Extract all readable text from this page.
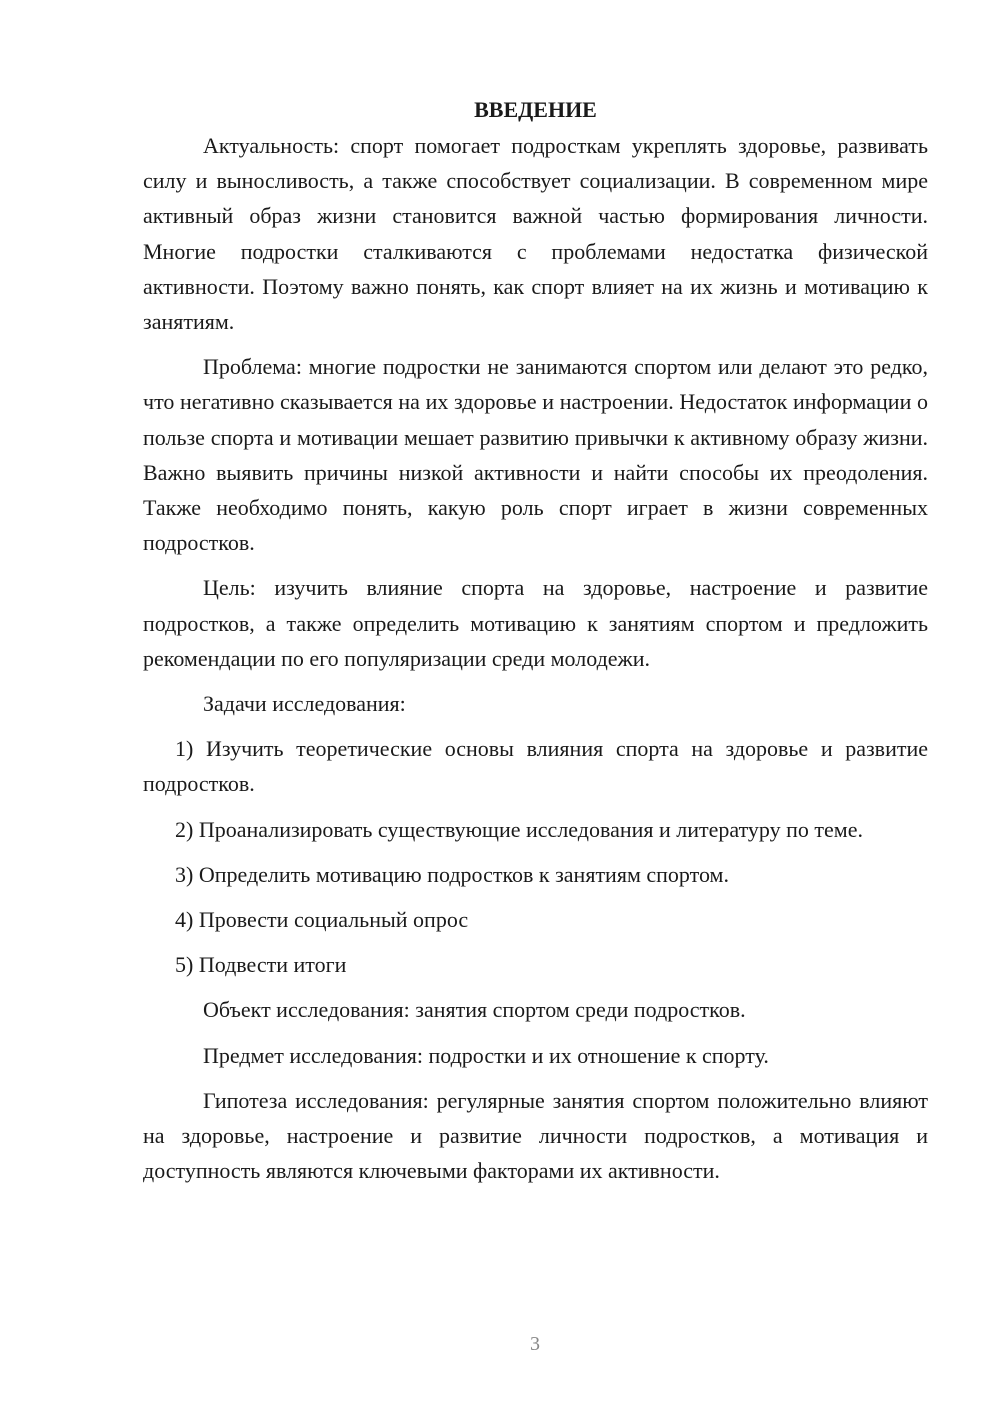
ВВЕДЕНИЕ

Актуальность: спорт помогает подросткам укреплять здоровье, развивать силу и выносливость, а также способствует социализации. В современном мире активный образ жизни становится важной частью формирования личности. Многие подростки сталкиваются с проблемами недостатка физической активности. Поэтому важно понять, как спорт влияет на их жизнь и мотивацию к занятиям.

Проблема: многие подростки не занимаются спортом или делают это редко, что негативно сказывается на их здоровье и настроении. Недостаток информации о пользе спорта и мотивации мешает развитию привычки к активному образу жизни. Важно выявить причины низкой активности и найти способы их преодоления. Также необходимо понять, какую роль спорт играет в жизни современных подростков.

Цель: изучить влияние спорта на здоровье, настроение и развитие подростков, а также определить мотивацию к занятиям спортом и предложить рекомендации по его популяризации среди молодежи.

Задачи исследования:

1) Изучить теоретические основы влияния спорта на здоровье и развитие подростков.

2) Проанализировать существующие исследования и литературу по теме.

3) Определить мотивацию подростков к занятиям спортом.

4) Провести социальный опрос

5) Подвести итоги

Объект исследования: занятия спортом среди подростков.

Предмет исследования: подростки и их отношение к спорту.

Гипотеза исследования: регулярные занятия спортом положительно влияют на здоровье, настроение и развитие личности подростков, а мотивация и доступность являются ключевыми факторами их активности.

3
